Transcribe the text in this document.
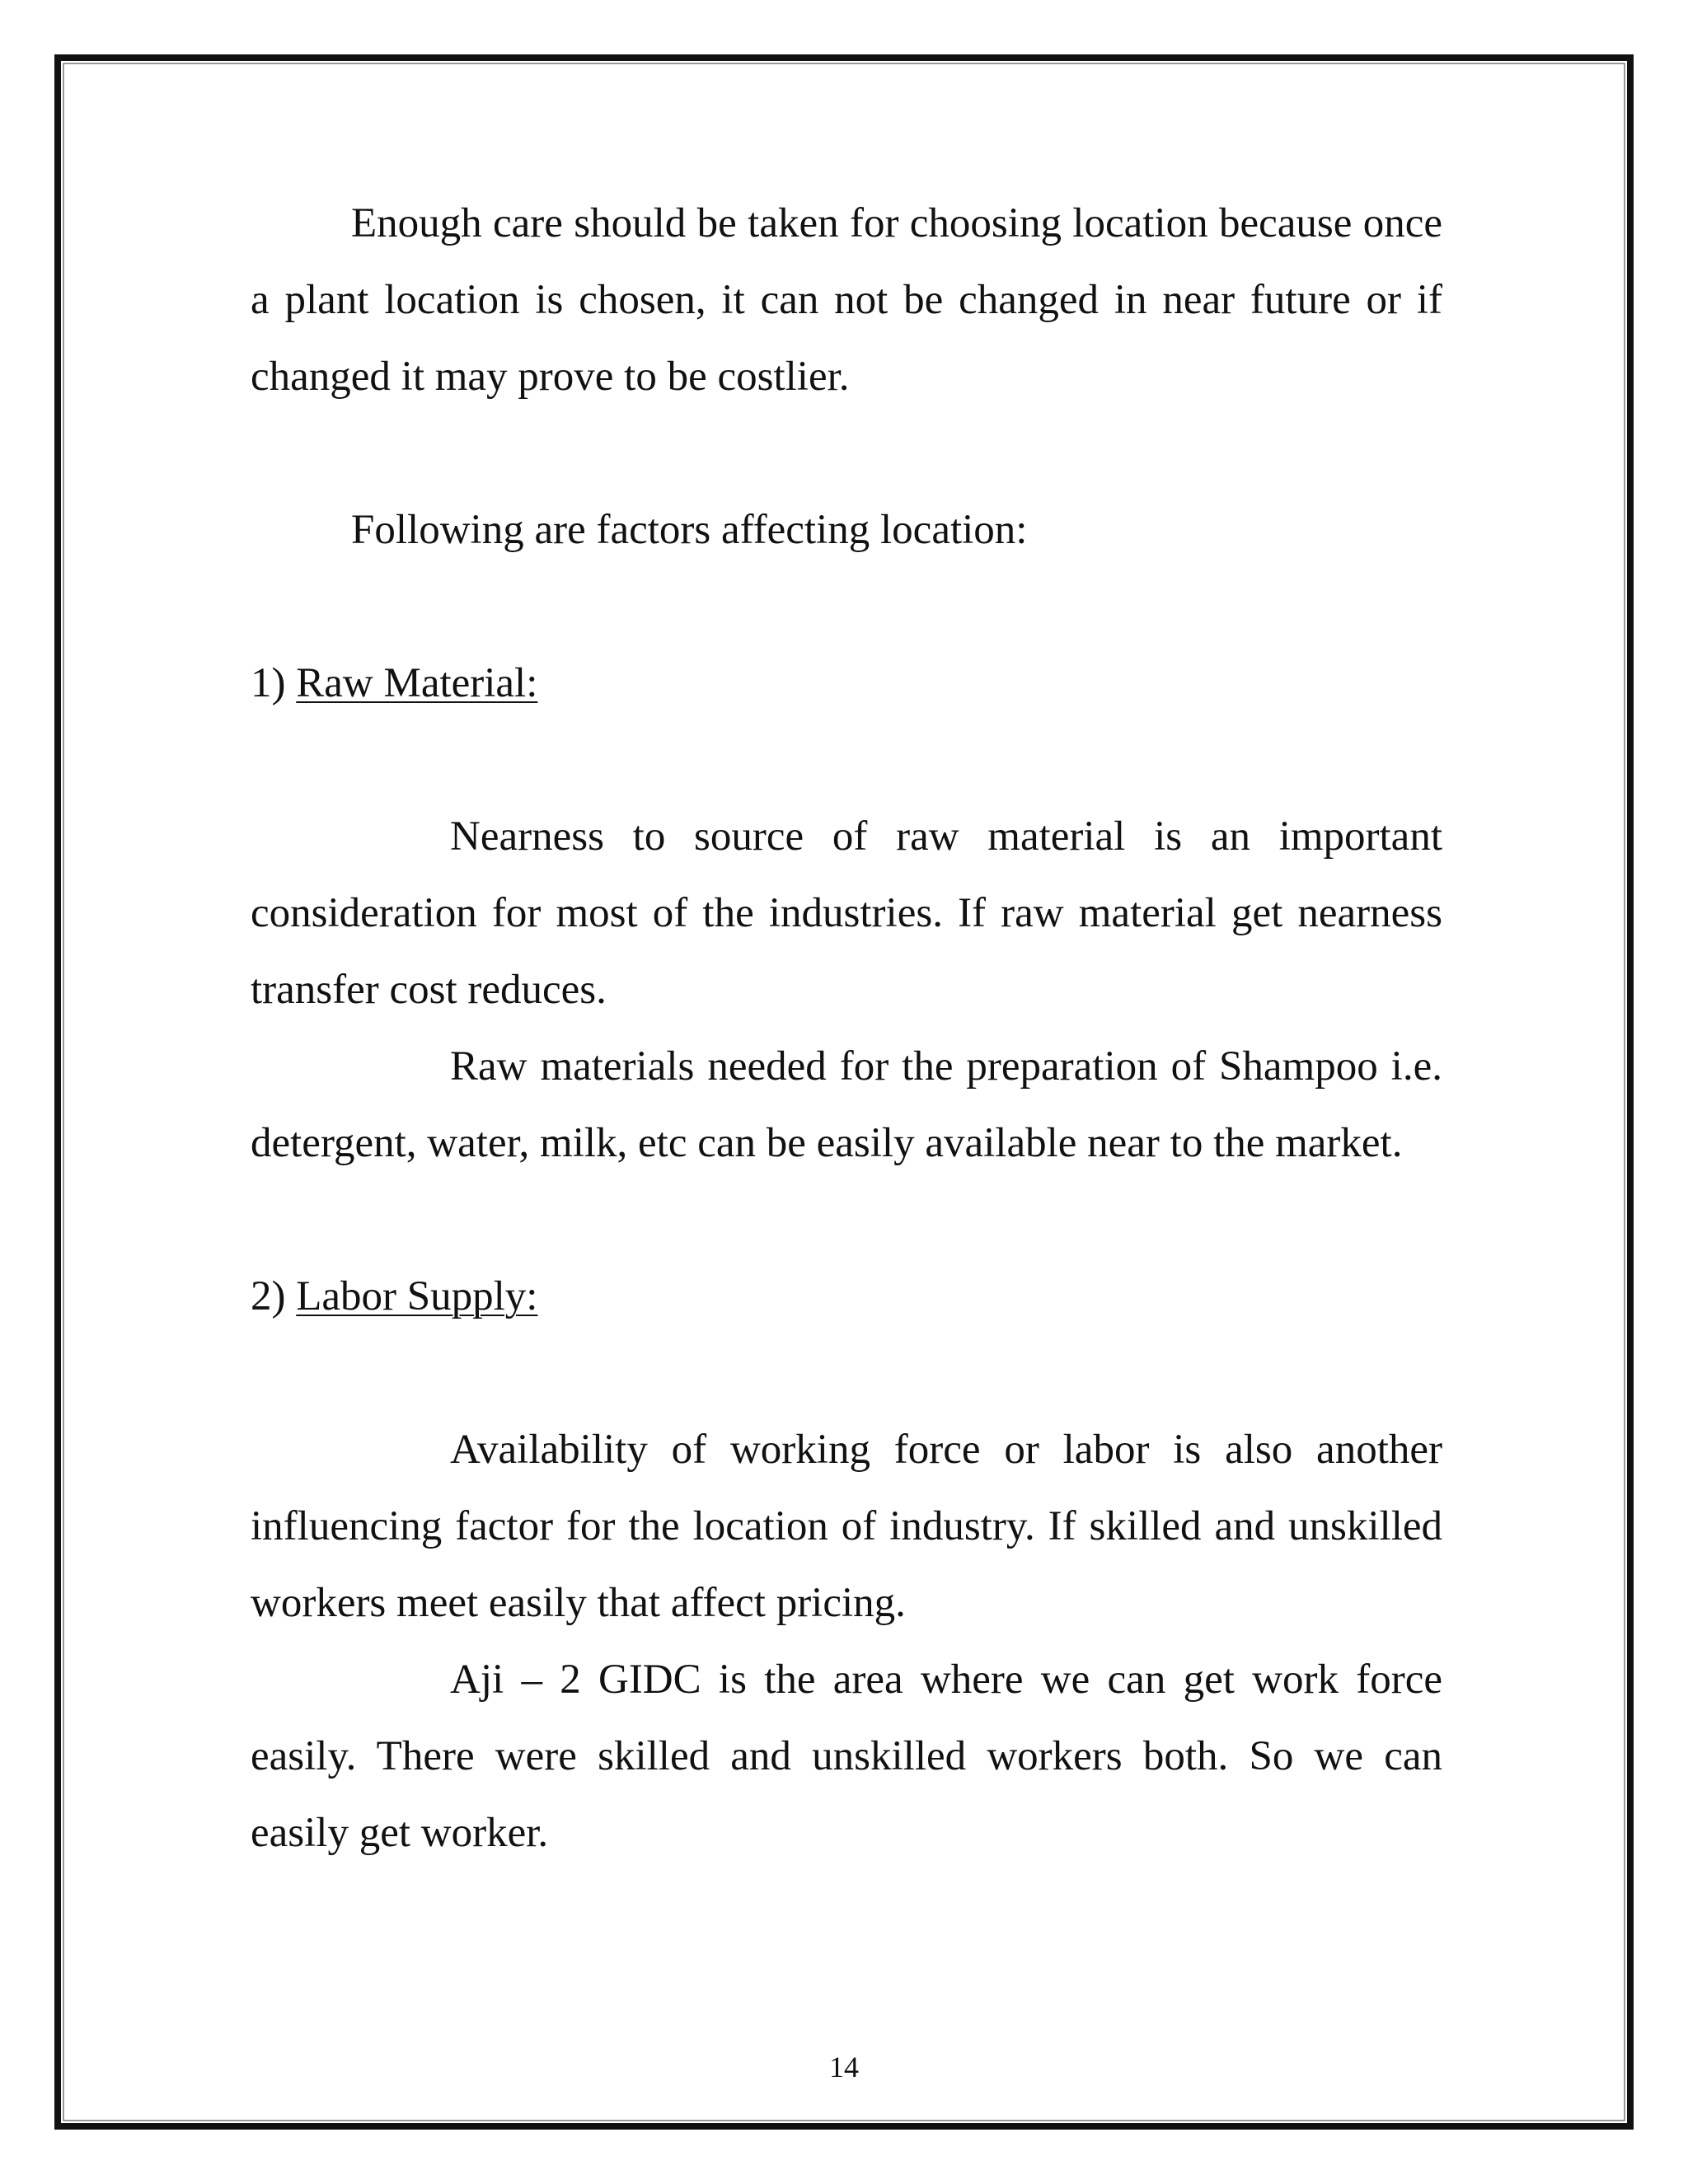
Enough care should be taken for choosing location because once a plant location is chosen, it can not be changed in near future or if changed it may prove to be costlier.

Following are factors affecting location:

1) Raw Material:

Nearness to source of raw material is an important consideration for most of the industries. If raw material get nearness transfer cost reduces.

Raw materials needed for the preparation of Shampoo i.e. detergent, water, milk, etc can be easily available near to the market.

2) Labor Supply:

Availability of working force or labor is also another influencing factor for the location of industry. If skilled and unskilled workers meet easily that affect pricing.

Aji – 2 GIDC is the area where we can get work force easily. There were skilled and unskilled workers both. So we can easily get worker.

14
